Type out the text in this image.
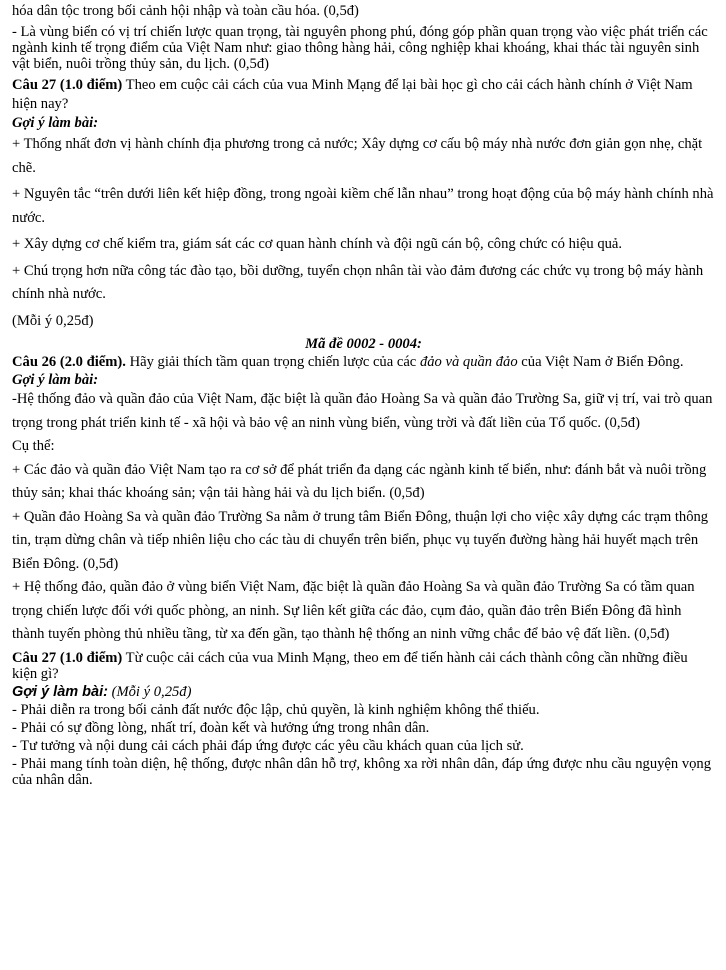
hóa dân tộc trong bối cảnh hội nhập và toàn cầu hóa. (0,5đ)

- Là vùng biển có vị trí chiến lược quan trọng, tài nguyên phong phú, đóng góp phần quan trọng vào việc phát triển các ngành kinh tế trọng điểm của Việt Nam như: giao thông hàng hải, công nghiệp khai khoáng, khai thác tài nguyên sinh vật biển, nuôi trồng thủy sản, du lịch. (0,5đ)

Câu 27 (1.0 điểm) Theo em cuộc cải cách của vua Minh Mạng để lại bài học gì cho cải cách hành chính ở Việt Nam hiện nay?

Gợi ý làm bài:

+ Thống nhất đơn vị hành chính địa phương trong cả nước; Xây dựng cơ cấu bộ máy nhà nước đơn giản gọn nhẹ, chặt chẽ.

+ Nguyên tắc “trên dưới liên kết hiệp đồng, trong ngoài kiềm chế lẫn nhau” trong hoạt động của bộ máy hành chính nhà nước.

+ Xây dựng cơ chế kiểm tra, giám sát các cơ quan hành chính và đội ngũ cán bộ, công chức có hiệu quả.

+ Chú trọng hơn nữa công tác đào tạo, bồi dưỡng, tuyển chọn nhân tài vào đảm đương các chức vụ trong bộ máy hành chính nhà nước.

(Mỗi ý 0,25đ)

Mã đề 0002 - 0004:

Câu 26 (2.0 điểm). Hãy giải thích tầm quan trọng chiến lược của các đảo và quần đảo của Việt Nam ở Biển Đông.

Gợi ý làm bài:

-Hệ thống đảo và quần đảo của Việt Nam, đặc biệt là quần đảo Hoàng Sa và quần đảo Trường Sa, giữ vị trí, vai trò quan trọng trong phát triển kinh tế - xã hội và bảo vệ an ninh vùng biển, vùng trời và đất liền của Tổ quốc. (0,5đ)

Cụ thể:

+ Các đảo và quần đảo Việt Nam tạo ra cơ sở để phát triển đa dạng các ngành kinh tế biển, như: đánh bắt và nuôi trồng thủy sản; khai thác khoáng sản; vận tải hàng hải và du lịch biển. (0,5đ)

+ Quần đảo Hoàng Sa và quần đảo Trường Sa nằm ở trung tâm Biển Đông, thuận lợi cho việc xây dựng các trạm thông tin, trạm dừng chân và tiếp nhiên liệu cho các tàu di chuyển trên biển, phục vụ tuyến đường hàng hải huyết mạch trên Biển Đông. (0,5đ)

+ Hệ thống đảo, quần đảo ở vùng biển Việt Nam, đặc biệt là quần đảo Hoàng Sa và quần đảo Trường Sa có tầm quan trọng chiến lược đối với quốc phòng, an ninh. Sự liên kết giữa các đảo, cụm đảo, quần đảo trên Biển Đông đã hình thành tuyến phòng thủ nhiều tầng, từ xa đến gần, tạo thành hệ thống an ninh vững chắc để bảo vệ đất liền. (0,5đ)

Câu 27 (1.0 điểm) Từ cuộc cải cách của vua Minh Mạng, theo em để tiến hành cải cách thành công cần những điều kiện gì?

Gợi ý làm bài: (Mỗi ý 0,25đ)

- Phải diễn ra trong bối cảnh đất nước độc lập, chủ quyền, là kinh nghiệm không thể thiếu.

- Phải có sự đồng lòng, nhất trí, đoàn kết và hưởng ứng trong nhân dân.

- Tư tưởng và nội dung cải cách phải đáp ứng được các yêu cầu khách quan của lịch sử.

- Phải mang tính toàn diện, hệ thống, được nhân dân hỗ trợ, không xa rời nhân dân, đáp ứng được nhu cầu nguyện vọng của nhân dân.
